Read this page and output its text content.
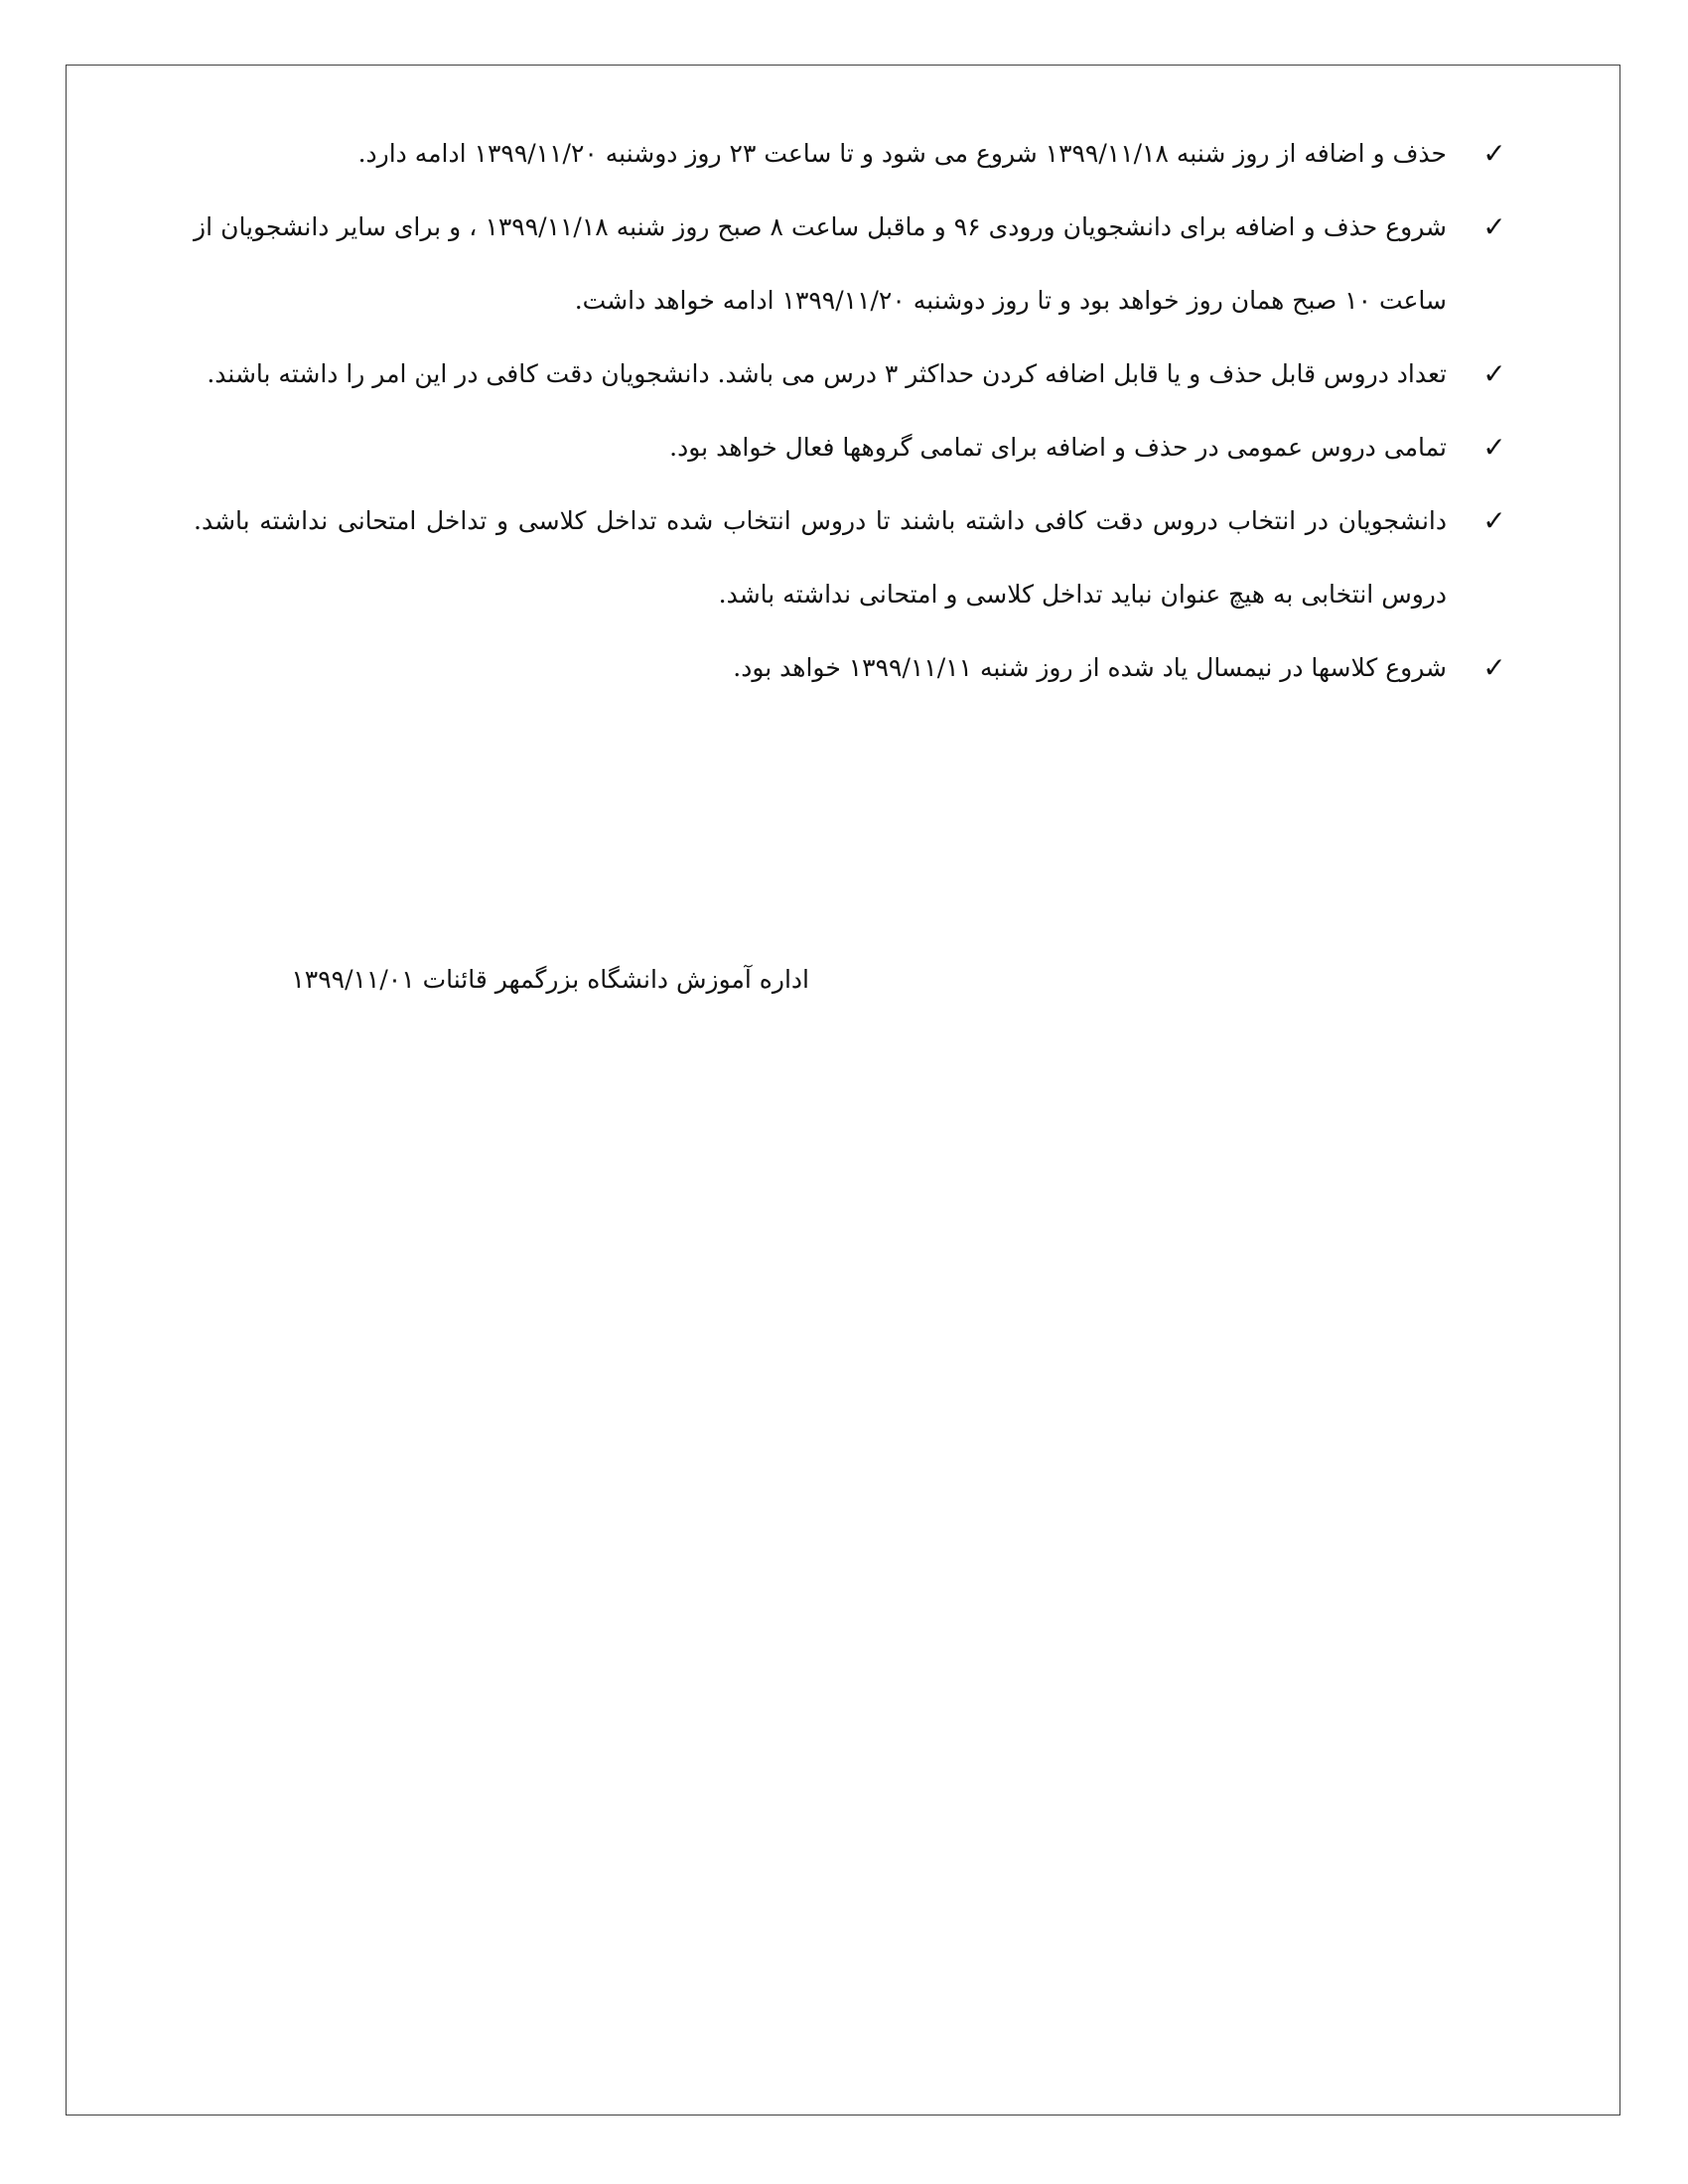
✓
حذف و اضافه از روز شنبه ۱۳۹۹/۱۱/۱۸ شروع می شود و تا ساعت ۲۳ روز دوشنبه ۱۳۹۹/۱۱/۲۰ ادامه دارد.
✓
شروع حذف و اضافه برای دانشجویان ورودی ۹۶ و ماقبل ساعت ۸ صبح روز شنبه ۱۳۹۹/۱۱/۱۸ ، و برای سایر دانشجویان از ساعت ۱۰ صبح همان روز خواهد بود و تا روز دوشنبه ۱۳۹۹/۱۱/۲۰ ادامه خواهد داشت.
✓
تعداد دروس قابل حذف و یا قابل اضافه کردن حداکثر ۳ درس می باشد. دانشجویان دقت کافی در این امر را داشته باشند.
✓
تمامی دروس عمومی در حذف و اضافه برای تمامی گروهها فعال خواهد بود.
✓
دانشجویان در انتخاب دروس دقت کافی داشته باشند تا دروس انتخاب شده تداخل کلاسی و تداخل امتحانی نداشته باشد. دروس انتخابی به هیچ عنوان نباید تداخل کلاسی و امتحانی نداشته باشد.
✓
شروع کلاسها در نیمسال یاد شده از روز شنبه ۱۳۹۹/۱۱/۱۱ خواهد بود.
اداره آموزش دانشگاه بزرگمهر قائنات ۱۳۹۹/۱۱/۰۱
